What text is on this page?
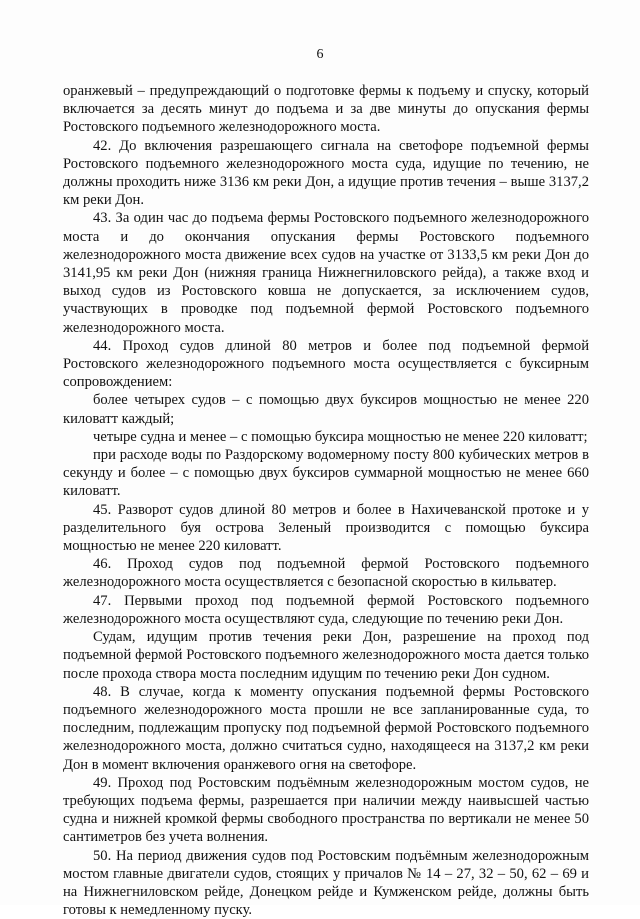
6

оранжевый – предупреждающий о подготовке фермы к подъему и спуску, который включается за десять минут до подъема и за две минуты до опускания фермы Ростовского подъемного железнодорожного моста.

42. До включения разрешающего сигнала на светофоре подъемной фермы Ростовского подъемного железнодорожного моста суда, идущие по течению, не должны проходить ниже 3136 км реки Дон, а идущие против течения – выше 3137,2 км реки Дон.

43. За один час до подъема фермы Ростовского подъемного железнодорожного моста и до окончания опускания фермы Ростовского подъемного железнодорожного моста движение всех судов на участке от 3133,5 км реки Дон до 3141,95 км реки Дон (нижняя граница Нижнегниловского рейда), а также вход и выход судов из Ростовского ковша не допускается, за исключением судов, участвующих в проводке под подъемной фермой Ростовского подъемного железнодорожного моста.

44. Проход судов длиной 80 метров и более под подъемной фермой Ростовского железнодорожного подъемного моста осуществляется с буксирным сопровождением:

более четырех судов – с помощью двух буксиров мощностью не менее 220 киловатт каждый;

четыре судна и менее – с помощью буксира мощностью не менее 220 киловатт;

при расходе воды по Раздорскому водомерному посту 800 кубических метров в секунду и более – с помощью двух буксиров суммарной мощностью не менее 660 киловатт.

45. Разворот судов длиной 80 метров и более в Нахичеванской протоке и у разделительного буя острова Зеленый производится с помощью буксира мощностью не менее 220 киловатт.

46. Проход судов под подъемной фермой Ростовского подъемного железнодорожного моста осуществляется с безопасной скоростью в кильватер.

47. Первыми проход под подъемной фермой Ростовского подъемного железнодорожного моста осуществляют суда, следующие по течению реки Дон.

Судам, идущим против течения реки Дон, разрешение на проход под подъемной фермой Ростовского подъемного железнодорожного моста дается только после прохода створа моста последним идущим по течению реки Дон судном.

48. В случае, когда к моменту опускания подъемной фермы Ростовского подъемного железнодорожного моста прошли не все запланированные суда, то последним, подлежащим пропуску под подъемной фермой Ростовского подъемного железнодорожного моста, должно считаться судно, находящееся на 3137,2 км реки Дон в момент включения оранжевого огня на светофоре.

49. Проход под Ростовским подъёмным железнодорожным мостом судов, не требующих подъема фермы, разрешается при наличии между наивысшей частью судна и нижней кромкой фермы свободного пространства по вертикали не менее 50 сантиметров без учета волнения.

50. На период движения судов под Ростовским подъёмным железнодорожным мостом главные двигатели судов, стоящих у причалов № 14 – 27, 32 – 50, 62 – 69 и на Нижнегниловском рейде, Донецком рейде и Кумженском рейде, должны быть готовы к немедленному пуску.
